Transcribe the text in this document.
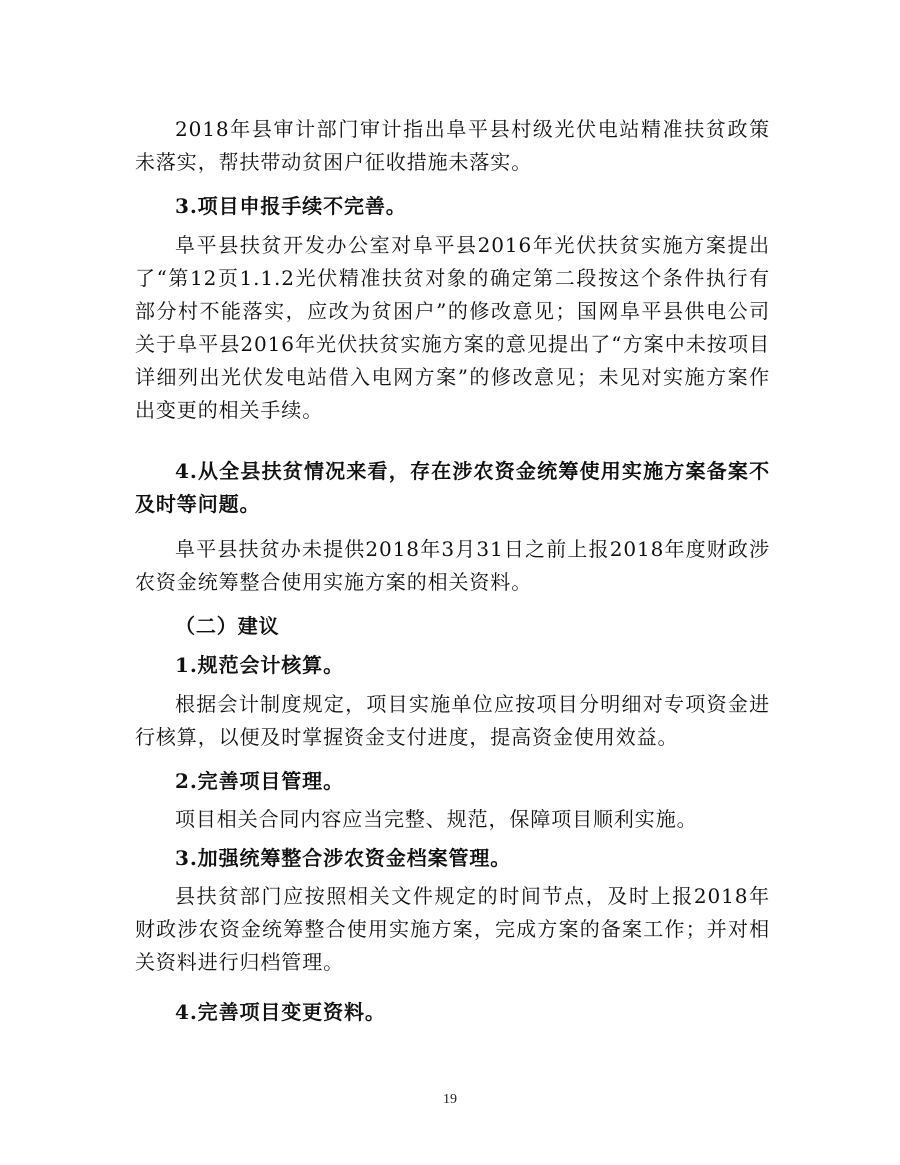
2018年县审计部门审计指出阜平县村级光伏电站精准扶贫政策未落实，帮扶带动贫困户征收措施未落实。

3.项目申报手续不完善。

阜平县扶贫开发办公室对阜平县2016年光伏扶贫实施方案提出了“第12页1.1.2光伏精准扶贫对象的确定第二段按这个条件执行有部分村不能落实，应改为贫困户”的修改意见；国网阜平县供电公司关于阜平县2016年光伏扶贫实施方案的意见提出了“方案中未按项目详细列出光伏发电站借入电网方案”的修改意见；未见对实施方案作出变更的相关手续。

4.从全县扶贫情况来看，存在涉农资金统筹使用实施方案备案不及时等问题。

阜平县扶贫办未提供2018年3月31日之前上报2018年度财政涉农资金统筹整合使用实施方案的相关资料。

（二）建议

1.规范会计核算。

根据会计制度规定，项目实施单位应按项目分明细对专项资金进行核算，以便及时掌握资金支付进度，提高资金使用效益。

2.完善项目管理。

项目相关合同内容应当完整、规范，保障项目顺利实施。

3.加强统筹整合涉农资金档案管理。

县扶贫部门应按照相关文件规定的时间节点，及时上报2018年财政涉农资金统筹整合使用实施方案，完成方案的备案工作；并对相关资料进行归档管理。

4.完善项目变更资料。

19
